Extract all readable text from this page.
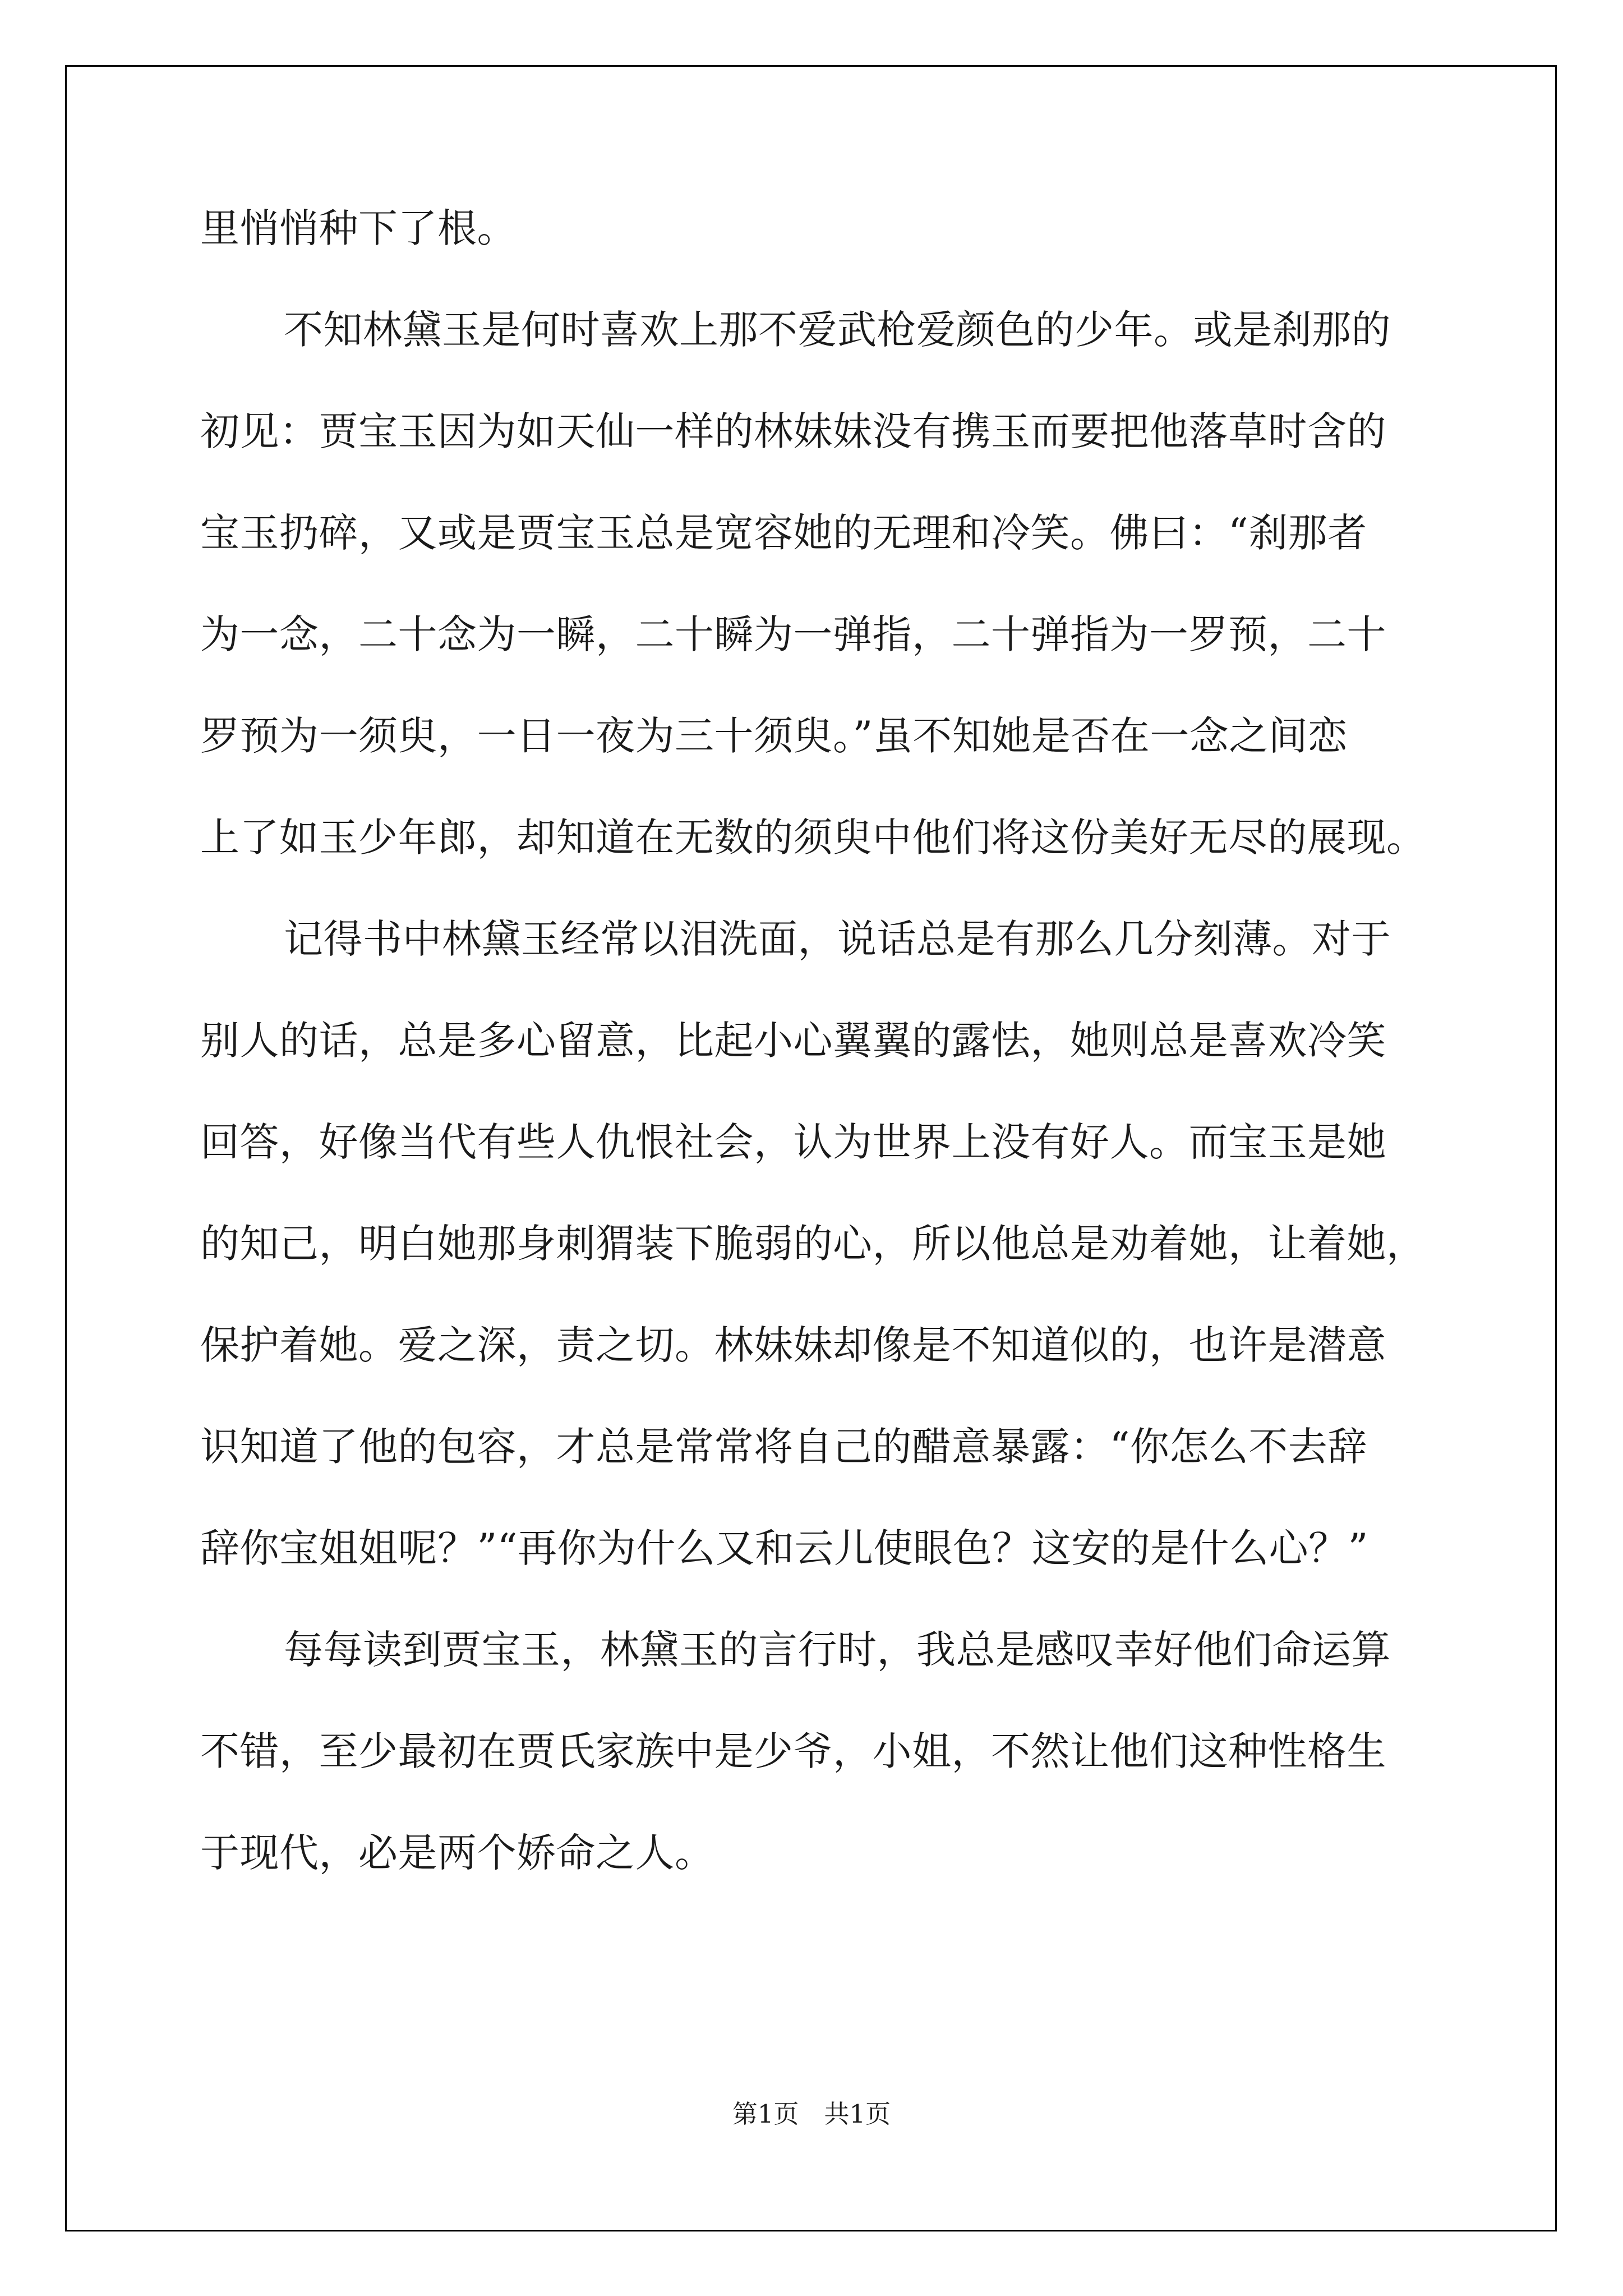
里悄悄种下了根。
不知林黛玉是何时喜欢上那不爱武枪爱颜色的少年。或是刹那的
初见：贾宝玉因为如天仙一样的林妹妹没有携玉而要把他落草时含的
宝玉扔碎，又或是贾宝玉总是宽容她的无理和冷笑。佛曰：“刹那者
为一念，二十念为一瞬，二十瞬为一弹指，二十弹指为一罗预，二十
罗预为一须臾，一日一夜为三十须臾。”虽不知她是否在一念之间恋
上了如玉少年郎，却知道在无数的须臾中他们将这份美好无尽的展现。
记得书中林黛玉经常以泪洗面，说话总是有那么几分刻薄。对于
别人的话，总是多心留意，比起小心翼翼的露怯，她则总是喜欢冷笑
回答，好像当代有些人仇恨社会，认为世界上没有好人。而宝玉是她
的知己，明白她那身刺猬装下脆弱的心，所以他总是劝着她，让着她，
保护着她。爱之深，责之切。林妹妹却像是不知道似的，也许是潜意
识知道了他的包容，才总是常常将自己的醋意暴露：“你怎么不去辞
辞你宝姐姐呢？”“再你为什么又和云儿使眼色？这安的是什么心？”
每每读到贾宝玉，林黛玉的言行时，我总是感叹幸好他们命运算
不错，至少最初在贾氏家族中是少爷，小姐，不然让他们这种性格生
于现代，必是两个娇命之人。
第1页　共1页
